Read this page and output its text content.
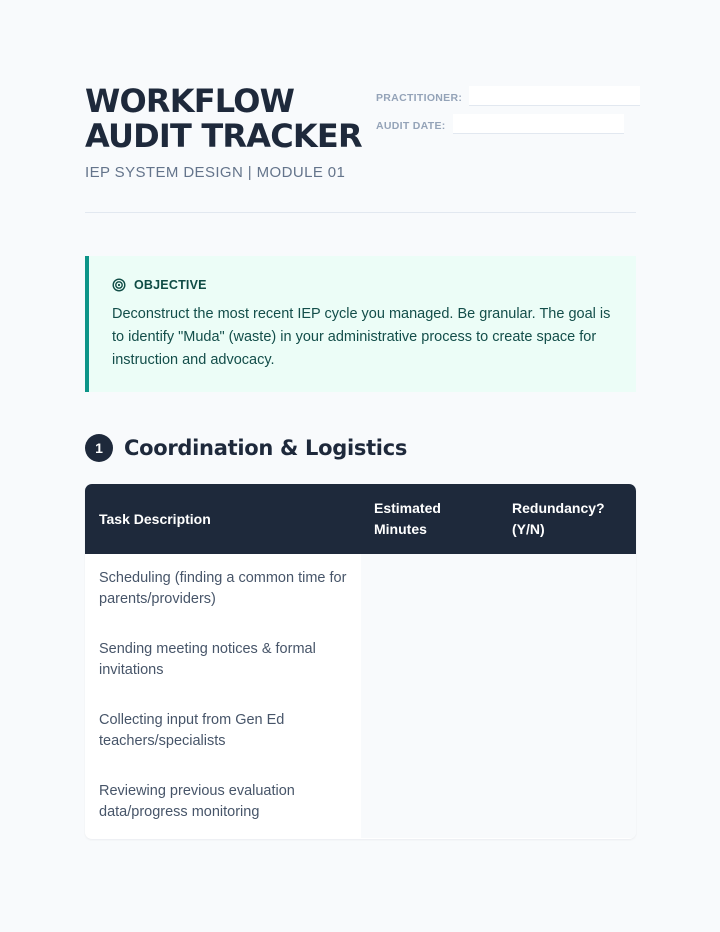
WORKFLOW
AUDIT TRACKER
IEP SYSTEM DESIGN | MODULE 01
PRACTITIONER:
AUDIT DATE:
OBJECTIVE
Deconstruct the most recent IEP cycle you managed. Be granular. The goal is to identify "Muda" (waste) in your administrative process to create space for instruction and advocacy.
1	Coordination & Logistics
Task Description
Estimated Minutes
Redundancy? (Y/N)
Scheduling (finding a common time for parents/providers)
Sending meeting notices & formal invitations
Collecting input from Gen Ed teachers/specialists
Reviewing previous evaluation data/progress monitoring
